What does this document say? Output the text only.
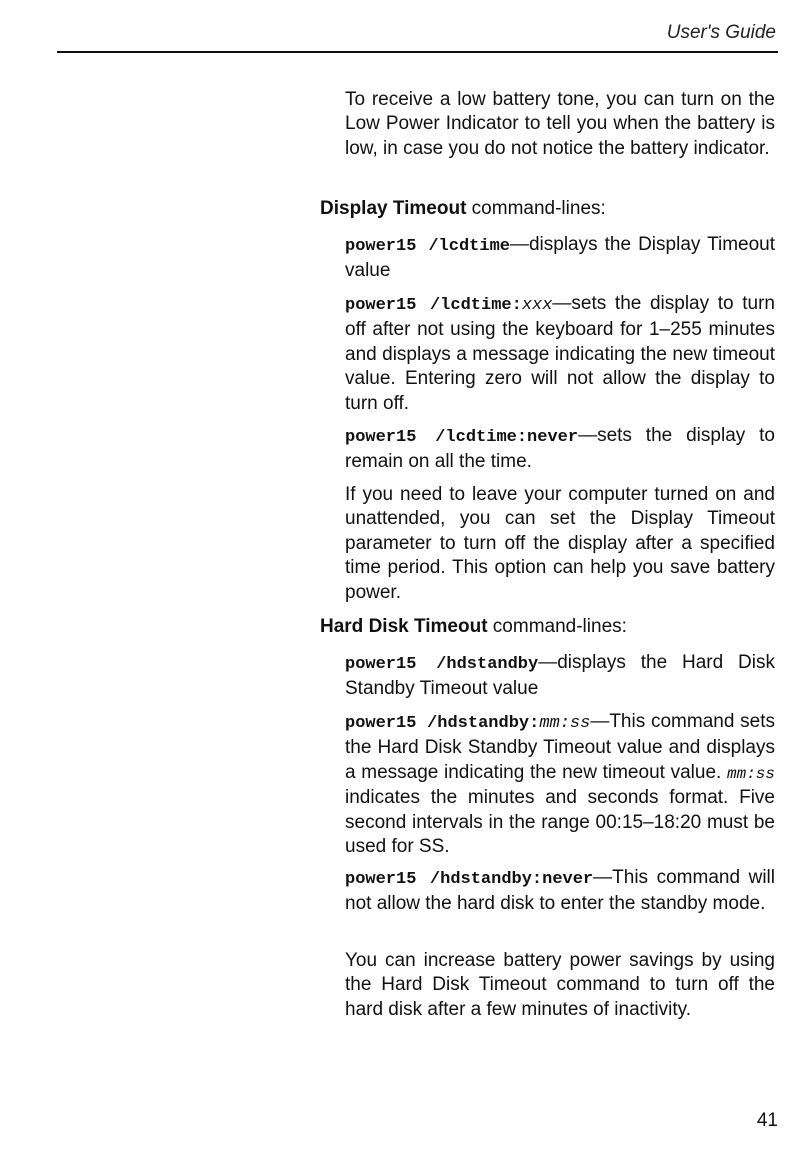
User's Guide

To receive a low battery tone, you can turn on the Low Power Indicator to tell you when the battery is low, in case you do not notice the battery indicator.

Display Timeout command-lines:

power15 /lcdtime—displays the Display Timeout value

power15 /lcdtime:xxx—sets the display to turn off after not using the keyboard for 1–255 minutes and displays a message indicating the new timeout value. Entering zero will not allow the display to turn off.

power15 /lcdtime:never—sets the display to remain on all the time.

If you need to leave your computer turned on and unattended, you can set the Display Timeout parameter to turn off the display after a specified time period. This option can help you save battery power.

Hard Disk Timeout command-lines:

power15 /hdstandby—displays the Hard Disk Standby Timeout value

power15 /hdstandby:mm:ss—This command sets the Hard Disk Standby Timeout value and displays a message indicating the new timeout value. mm:ss indicates the minutes and seconds format. Five second intervals in the range 00:15–18:20 must be used for SS.

power15 /hdstandby:never—This command will not allow the hard disk to enter the standby mode.

You can increase battery power savings by using the Hard Disk Timeout command to turn off the hard disk after a few minutes of inactivity.

41
